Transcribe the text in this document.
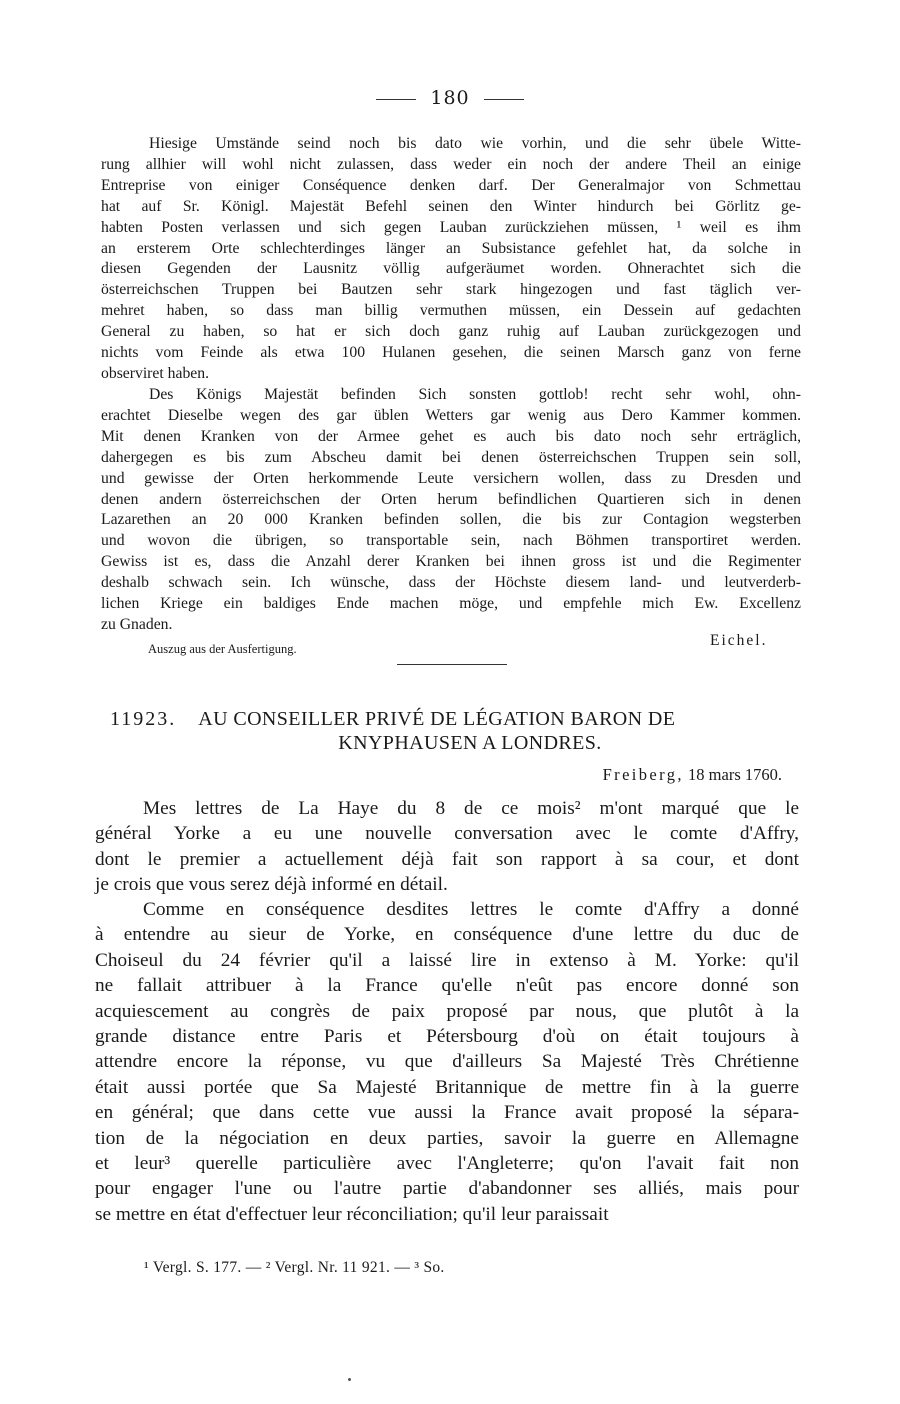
180

Hiesige Umstände seind noch bis dato wie vorhin, und die sehr übele Witte-
rung allhier will wohl nicht zulassen, dass weder ein noch der andere Theil an einige
Entreprise von einiger Conséquence denken darf. Der Generalmajor von Schmettau
hat auf Sr. Königl. Majestät Befehl seinen den Winter hindurch bei Görlitz ge-
habten Posten verlassen und sich gegen Lauban zurückziehen müssen, ¹ weil es ihm
an ersterem Orte schlechterdinges länger an Subsistance gefehlet hat, da solche in
diesen Gegenden der Lausnitz völlig aufgeräumet worden. Ohnerachtet sich die
österreichschen Truppen bei Bautzen sehr stark hingezogen und fast täglich ver-
mehret haben, so dass man billig vermuthen müssen, ein Dessein auf gedachten
General zu haben, so hat er sich doch ganz ruhig auf Lauban zurückgezogen und
nichts vom Feinde als etwa 100 Hulanen gesehen, die seinen Marsch ganz von ferne
observiret haben.

Des Königs Majestät befinden Sich sonsten gottlob! recht sehr wohl, ohn-
erachtet Dieselbe wegen des gar üblen Wetters gar wenig aus Dero Kammer kommen.
Mit denen Kranken von der Armee gehet es auch bis dato noch sehr erträglich,
dahergegen es bis zum Abscheu damit bei denen österreichschen Truppen sein soll,
und gewisse der Orten herkommende Leute versichern wollen, dass zu Dresden und
denen andern österreichschen der Orten herum befindlichen Quartieren sich in denen
Lazarethen an 20 000 Kranken befinden sollen, die bis zur Contagion wegsterben
und wovon die übrigen, so transportable sein, nach Böhmen transportiret werden.
Gewiss ist es, dass die Anzahl derer Kranken bei ihnen gross ist und die Regimenter
deshalb schwach sein. Ich wünsche, dass der Höchste diesem land- und leutverderb-
lichen Kriege ein baldiges Ende machen möge, und empfehle mich Ew. Excellenz
zu Gnaden.

Auszug aus der Ausfertigung.	Eichel.
11923. AU CONSEILLER PRIVÉ DE LÉGATION BARON DE
KNYPHAUSEN A LONDRES.
Freiberg, 18 mars 1760.
Mes lettres de La Haye du 8 de ce mois² m'ont marqué que le
général Yorke a eu une nouvelle conversation avec le comte d'Affry,
dont le premier a actuellement déjà fait son rapport à sa cour, et dont
je crois que vous serez déjà informé en détail.
Comme en conséquence desdites lettres le comte d'Affry a donné
à entendre au sieur de Yorke, en conséquence d'une lettre du duc de
Choiseul du 24 février qu'il a laissé lire in extenso à M. Yorke: qu'il
ne fallait attribuer à la France qu'elle n'eût pas encore donné son
acquiescement au congrès de paix proposé par nous, que plutôt à la
grande distance entre Paris et Pétersbourg d'où on était toujours à
attendre encore la réponse, vu que d'ailleurs Sa Majesté Très Chrétienne
était aussi portée que Sa Majesté Britannique de mettre fin à la guerre
en général; que dans cette vue aussi la France avait proposé la sépara-
tion de la négociation en deux parties, savoir la guerre en Allemagne
et leur³ querelle particulière avec l'Angleterre; qu'on l'avait fait non
pour engager l'une ou l'autre partie d'abandonner ses alliés, mais pour
se mettre en état d'effectuer leur réconciliation; qu'il leur paraissait
¹ Vergl. S. 177. — ² Vergl. Nr. 11 921. — ³ So.
